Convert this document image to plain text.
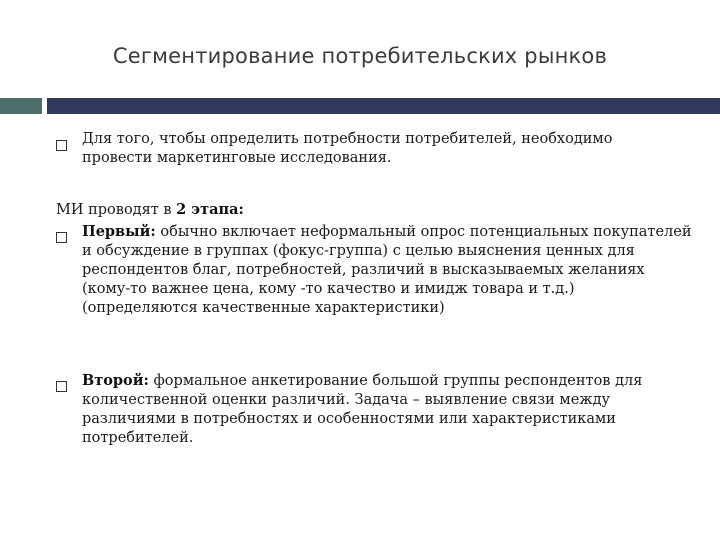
Сегментирование потребительских рынков
Для того, чтобы определить потребности потребителей, необходимо провести маркетинговые исследования.
МИ проводят в 2 этапа:
Первый: обычно включает неформальный опрос потенциальных покупателей и обсуждение в группах (фокус-группа) с целью выяснения ценных для респондентов благ, потребностей, различий в высказываемых желаниях (кому-то важнее цена, кому -то качество и имидж товара и т.д.) (определяются качественные характеристики)
Второй: формальное анкетирование большой группы респондентов для количественной оценки различий. Задача – выявление связи между различиями в потребностях и особенностями или характеристиками потребителей.
